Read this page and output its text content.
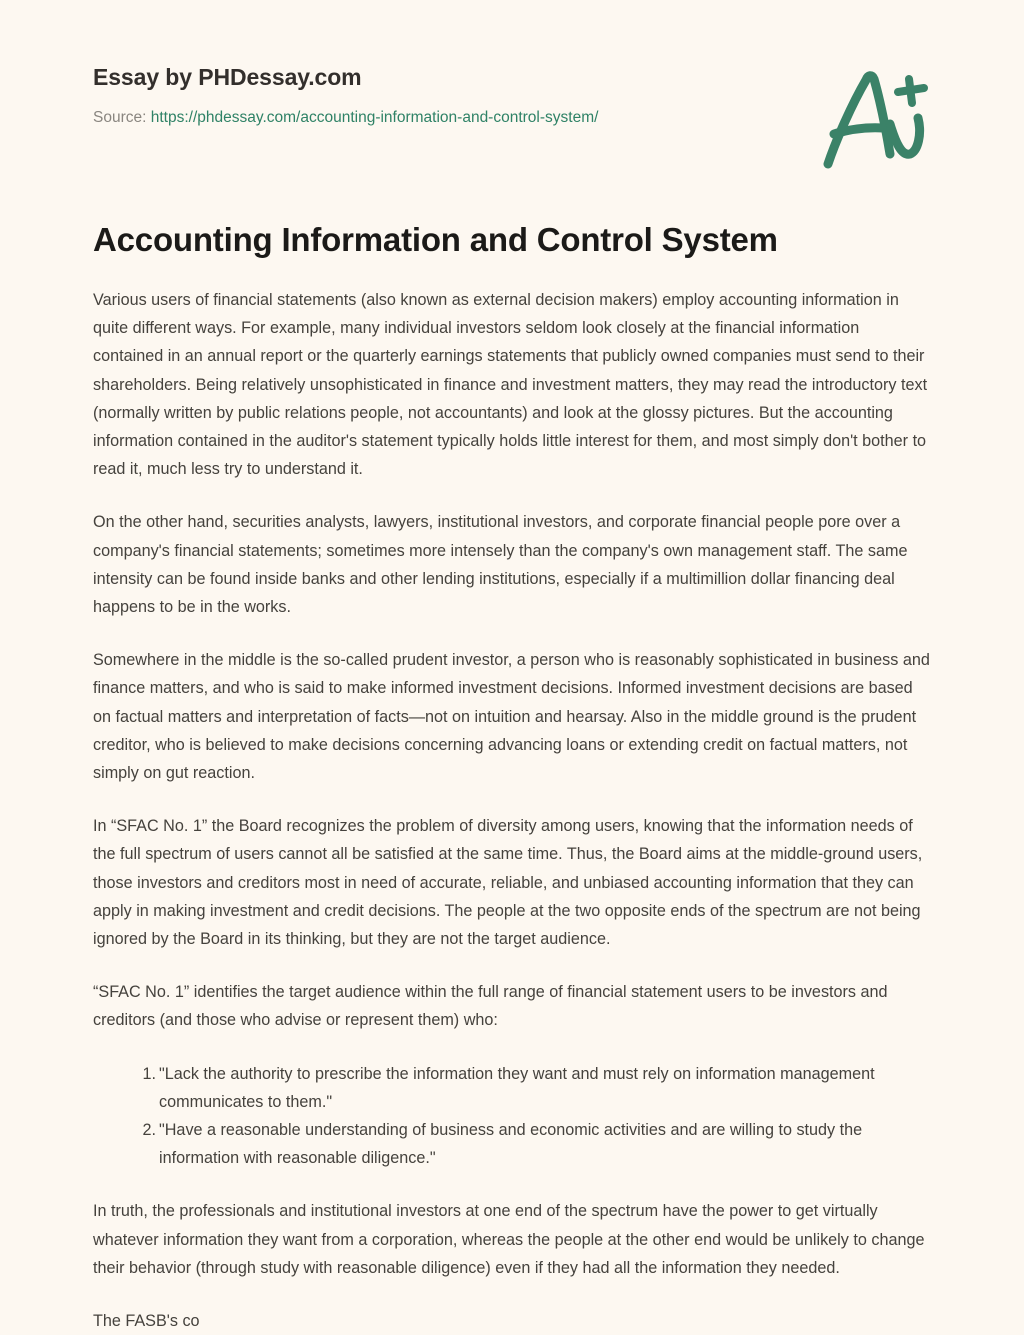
Essay by PHDessay.com
Source: https://phdessay.com/accounting-information-and-control-system/
Accounting Information and Control System

Various users of financial statements (also known as external decision makers) employ accounting information in quite different ways. For example, many individual investors seldom look closely at the financial information contained in an annual report or the quarterly earnings statements that publicly owned companies must send to their shareholders. Being relatively unsophisticated in finance and investment matters, they may read the introductory text (normally written by public relations people, not accountants) and look at the glossy pictures. But the accounting information contained in the auditor's statement typically holds little interest for them, and most simply don't bother to read it, much less try to understand it.

On the other hand, securities analysts, lawyers, institutional investors, and corporate financial people pore over a company's financial statements; sometimes more intensely than the company's own management staff. The same intensity can be found inside banks and other lending institutions, especially if a multimillion dollar financing deal happens to be in the works.

Somewhere in the middle is the so-called prudent investor, a person who is reasonably sophisticated in business and finance matters, and who is said to make informed investment decisions. Informed investment decisions are based on factual matters and interpretation of facts—not on intuition and hearsay. Also in the middle ground is the prudent creditor, who is believed to make decisions concerning advancing loans or extending credit on factual matters, not simply on gut reaction.

In “SFAC No. 1” the Board recognizes the problem of diversity among users, knowing that the information needs of the full spectrum of users cannot all be satisfied at the same time. Thus, the Board aims at the middle-ground users, those investors and creditors most in need of accurate, reliable, and unbiased accounting information that they can apply in making investment and credit decisions. The people at the two opposite ends of the spectrum are not being ignored by the Board in its thinking, but they are not the target audience.

“SFAC No. 1” identifies the target audience within the full range of financial statement users to be investors and creditors (and those who advise or represent them) who:

"Lack the authority to prescribe the information they want and must rely on information management communicates to them."
"Have a reasonable understanding of business and economic activities and are willing to study the information with reasonable diligence."

In truth, the professionals and institutional investors at one end of the spectrum have the power to get virtually whatever information they want from a corporation, whereas the people at the other end would be unlikely to change their behavior (through study with reasonable diligence) even if they had all the information they needed.

The FASB's co
